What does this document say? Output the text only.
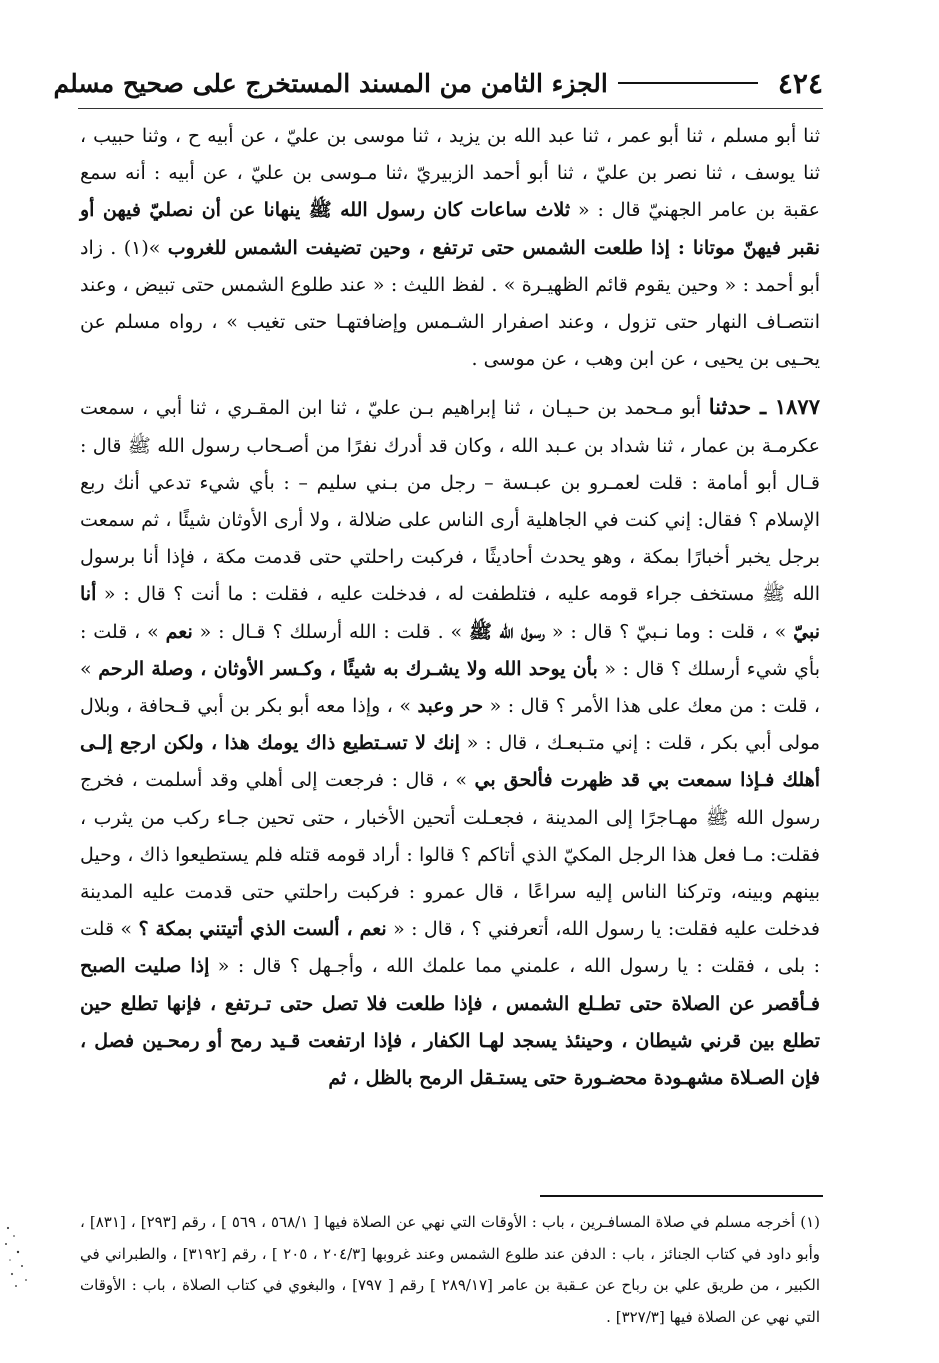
٤٢٤
الجزء الثامن من المسند المستخرج على صحيح مسلم

ثنا أبو مسلم ، ثنا أبو عمر ، ثنا عبد الله بن يزيد ، ثنا موسى بن عليّ ، عن أبيه ح ، وثنا حبيب ، ثنا يوسف ، ثنا نصر بن عليّ ، ثنا أبو أحمد الزبيريّ ،ثنا مـوسى بن عليّ ، عن أبيه : أنه سمع عقبة بن عامر الجهنيّ قال : « ثلاث ساعات كان رسول الله ﷺ ينهانا عن أن نصليّ فيهن أو نقبر فيهنّ موتانا : إذا طلعت الشمس حتى ترتفع ، وحين تضيفت الشمس للغروب »(١) . زاد أبو أحمد : « وحين يقوم قائم الظهيـرة » . لفظ الليث : « عند طلوع الشمس حتى تبيض ، وعند انتصـاف النهار حتى تزول ، وعند اصفرار الشـمس وإضافتهـا حتى تغيب » ، رواه مسلم عن يحـيى بن يحيى ، عن ابن وهب ، عن موسى .

١٨٧٧ ـ حدثنا أبو مـحمد بن حـيـان ، ثنا إبراهيم بـن عليّ ، ثنا ابن المقـري ، ثنا أبي ، سمعت عكرمـة بن عمار ، ثنا شداد بن عـبد الله ، وكان قد أدرك نفرًا من أصـحاب رسول الله ﷺ قال : قـال أبو أمامة : قلت لعمـرو بن عبـسة – رجل من بـني سليم – : بأي شيء تدعي أنك ربع الإسلام ؟ فقال: إني كنت في الجاهلية أرى الناس على ضلالة ، ولا أرى الأوثان شيئًا ، ثم سمعت برجل يخبر أخبارًا بمكة ، وهو يحدث أحاديثًا ، فركبت راحلتي حتى قدمت مكة ، فإذا أنا برسول الله ﷺ مستخف جراء قومه عليه ، فتلطفت له ، فدخلت عليه ، فقلت : ما أنت ؟ قال : « أنا نبيّ » ، قلت : وما نـبيّ ؟ قال : « رسول الله ﷺ » . قلت : الله أرسلك ؟ قـال : « نعم » ، قلت : بأي شيء أرسلك ؟ قال : « بأن يوحد الله ولا يشـرك به شيئًا ، وكـسر الأوثان ، وصلة الرحم » ، قلت : من معك على هذا الأمر ؟ قال : « حر وعبد » ، وإذا معه أبو بكر بن أبي قـحافة ، وبلال مولى أبي بكر ، قلت : إني متـبعـك ، قال : « إنك لا تسـتطيع ذاك يومك هذا ، ولكن ارجع إلـى أهلك فـإذا سمعت بي قد ظهرت فألحق بي » ، قال : فرجعت إلى أهلي وقد أسلمت ، فخرج رسول الله ﷺ مهـاجرًا إلى المدينة ، فجعـلت أتحين الأخبار ، حتى تحين جـاء ركب من يثرب ، فقلت: مـا فعل هذا الرجل المكيّ الذي أتاكم ؟ قالوا : أراد قومه قتله فلم يستطيعوا ذاك ، وحيل بينهم وبينه، وتركنا الناس إليه سراعًا ، قال عمرو : فركبت راحلتي حتى قدمت عليه المدينة فدخلت عليه فقلت: يا رسول الله، أتعرفني ؟ ، قال : « نعم ، ألست الذي أتيتني بمكة ؟ » قلت : بلى ، فقلت : يا رسول الله ، علمني مما علمك الله ، وأجـهل ؟ قال : « إذا صليت الصبح فـأقصر عن الصلاة حتى تطـلع الشمس ، فإذا طلعت فلا تصل حتى تـرتفع ، فإنها تطلع حين تطلع بين قرني شيطان ، وحينئذ يسجد لهـا الكفار ، فإذا ارتفعت قـيد رمح أو رمحـين فصل ، فإن الصـلاة مشهـودة محضـورة حتى يستـقل الرمح بالظل ، ثم

(١) أخرجه مسلم في صلاة المسافـرين ، باب : الأوقات التي نهي عن الصلاة فيها [ ٥٦٨/١ ، ٥٦٩ ] ، رقم [٢٩٣] ، [٨٣١] ، وأبو داود في كتاب الجنائز ، باب : الدفن عند طلوع الشمس وعند غروبها [٢٠٤/٣ ، ٢٠٥ ] ، رقم [٣١٩٢] ، والطبراني في الكبير ، من طريق علي بن رباح عن عـقبة بن عامر [٢٨٩/١٧ ] رقم [ ٧٩٧] ، والبغوي في كتاب الصلاة ، باب : الأوقات التي نهي عن الصلاة فيها [٣٢٧/٣] .
